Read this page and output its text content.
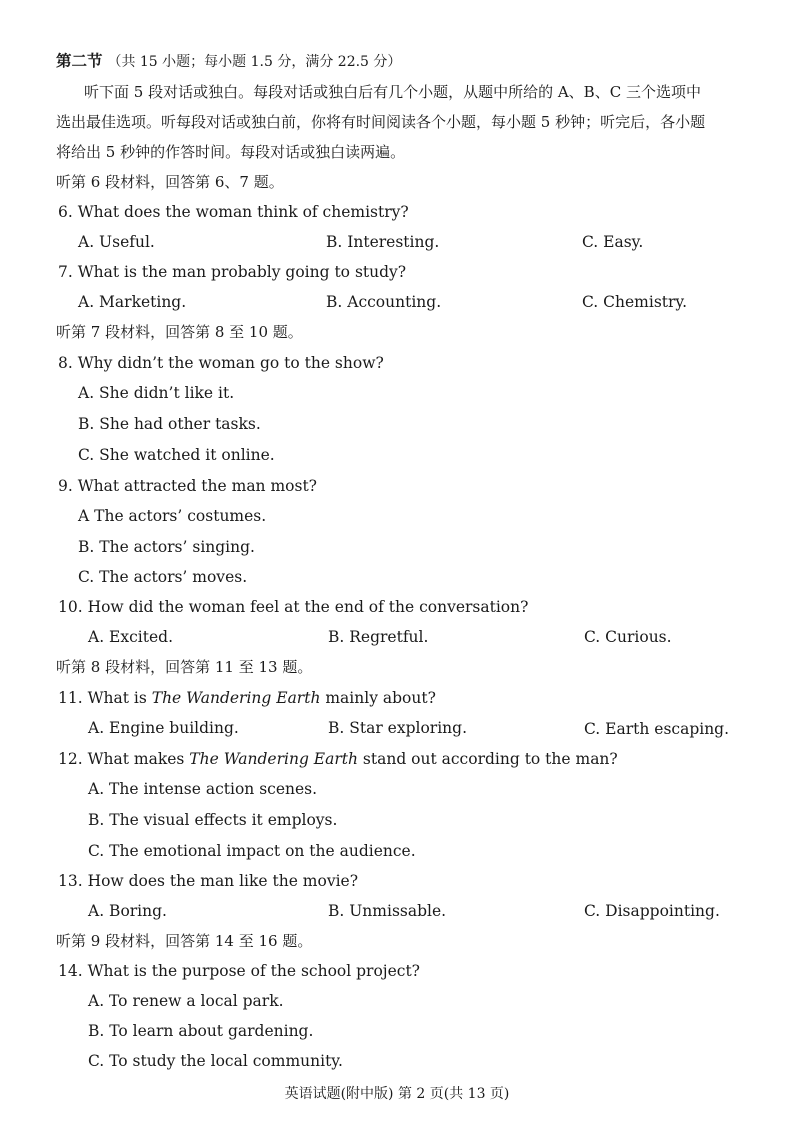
第二节 （共 15 小题；每小题 1.5 分，满分 22.5 分）
听下面 5 段对话或独白。每段对话或独白后有几个小题，从题中所给的 A、B、C 三个选项中
选出最佳选项。听每段对话或独白前，你将有时间阅读各个小题，每小题 5 秒钟；听完后，各小题
将给出 5 秒钟的作答时间。每段对话或独白读两遍。
听第 6 段材料，回答第 6、7 题。
6. What does the woman think of chemistry?
A. Useful.	B. Interesting.	C. Easy.
7. What is the man probably going to study?
A. Marketing.	B. Accounting.	C. Chemistry.
听第 7 段材料，回答第 8 至 10 题。
8. Why didn’t the woman go to the show?
A. She didn’t like it.
B. She had other tasks.
C. She watched it online.
9. What attracted the man most?
A The actors’ costumes.
B. The actors’ singing.
C. The actors’ moves.
10. How did the woman feel at the end of the conversation?
A. Excited.	B. Regretful.	C. Curious.
听第 8 段材料，回答第 11 至 13 题。
11. What is The Wandering Earth mainly about?
A. Engine building.	B. Star exploring.	C. Earth escaping.
12. What makes The Wandering Earth stand out according to the man?
A. The intense action scenes.
B. The visual effects it employs.
C. The emotional impact on the audience.
13. How does the man like the movie?
A. Boring.	B. Unmissable.	C. Disappointing.
听第 9 段材料，回答第 14 至 16 题。
14. What is the purpose of the school project?
A. To renew a local park.
B. To learn about gardening.
C. To study the local community.
英语试题(附中版) 第 2 页(共 13 页)
